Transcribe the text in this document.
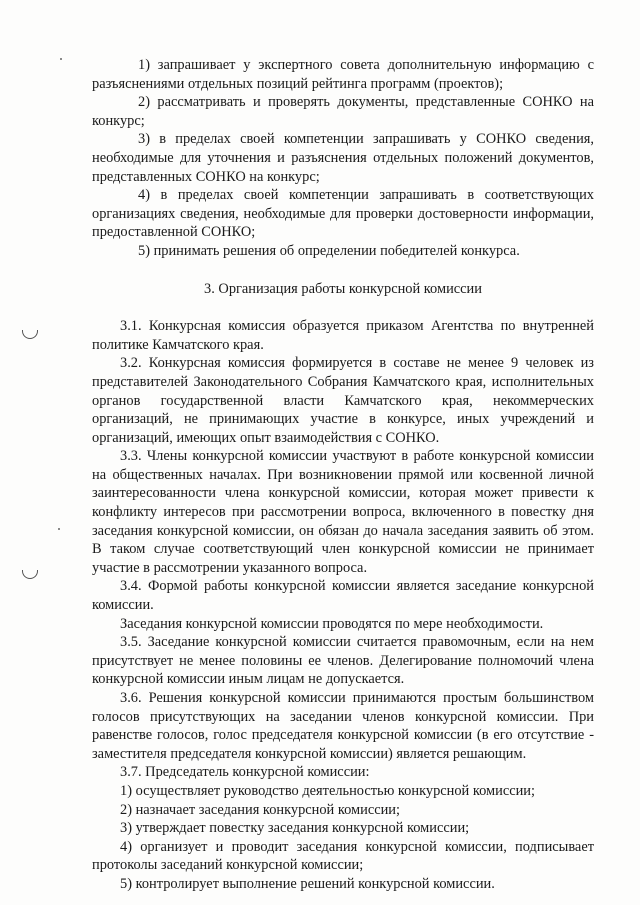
1) запрашивает у экспертного совета дополнительную информацию с разъяснениями отдельных позиций рейтинга программ (проектов);

2) рассматривать и проверять документы, представленные СОНКО на конкурс;

3) в пределах своей компетенции запрашивать у СОНКО сведения, необходимые для уточнения и разъяснения отдельных положений документов, представленных СОНКО на конкурс;

4) в пределах своей компетенции запрашивать в соответствующих организациях сведения, необходимые для проверки достоверности информации, предоставленной СОНКО;

5) принимать решения об определении победителей конкурса.

3. Организация работы конкурсной комиссии

3.1. Конкурсная комиссия образуется приказом Агентства по внутренней политике Камчатского края.

3.2. Конкурсная комиссия формируется в составе не менее 9 человек из представителей Законодательного Собрания Камчатского края, исполнительных органов государственной власти Камчатского края, некоммерческих организаций, не принимающих участие в конкурсе, иных учреждений и организаций, имеющих опыт взаимодействия с СОНКО.

3.3. Члены конкурсной комиссии участвуют в работе конкурсной комиссии на общественных началах. При возникновении прямой или косвенной личной заинтересованности члена конкурсной комиссии, которая может привести к конфликту интересов при рассмотрении вопроса, включенного в повестку дня заседания конкурсной комиссии, он обязан до начала заседания заявить об этом. В таком случае соответствующий член конкурсной комиссии не принимает участие в рассмотрении указанного вопроса.

3.4. Формой работы конкурсной комиссии является заседание конкурсной комиссии.

Заседания конкурсной комиссии проводятся по мере необходимости.

3.5. Заседание конкурсной комиссии считается правомочным, если на нем присутствует не менее половины ее членов. Делегирование полномочий члена конкурсной комиссии иным лицам не допускается.

3.6. Решения конкурсной комиссии принимаются простым большинством голосов присутствующих на заседании членов конкурсной комиссии. При равенстве голосов, голос председателя конкурсной комиссии (в его отсутствие - заместителя председателя конкурсной комиссии) является решающим.

3.7. Председатель конкурсной комиссии:

1) осуществляет руководство деятельностью конкурсной комиссии;

2) назначает заседания конкурсной комиссии;

3) утверждает повестку заседания конкурсной комиссии;

4) организует и проводит заседания конкурсной комиссии, подписывает протоколы заседаний конкурсной комиссии;

5) контролирует выполнение решений конкурсной комиссии.
